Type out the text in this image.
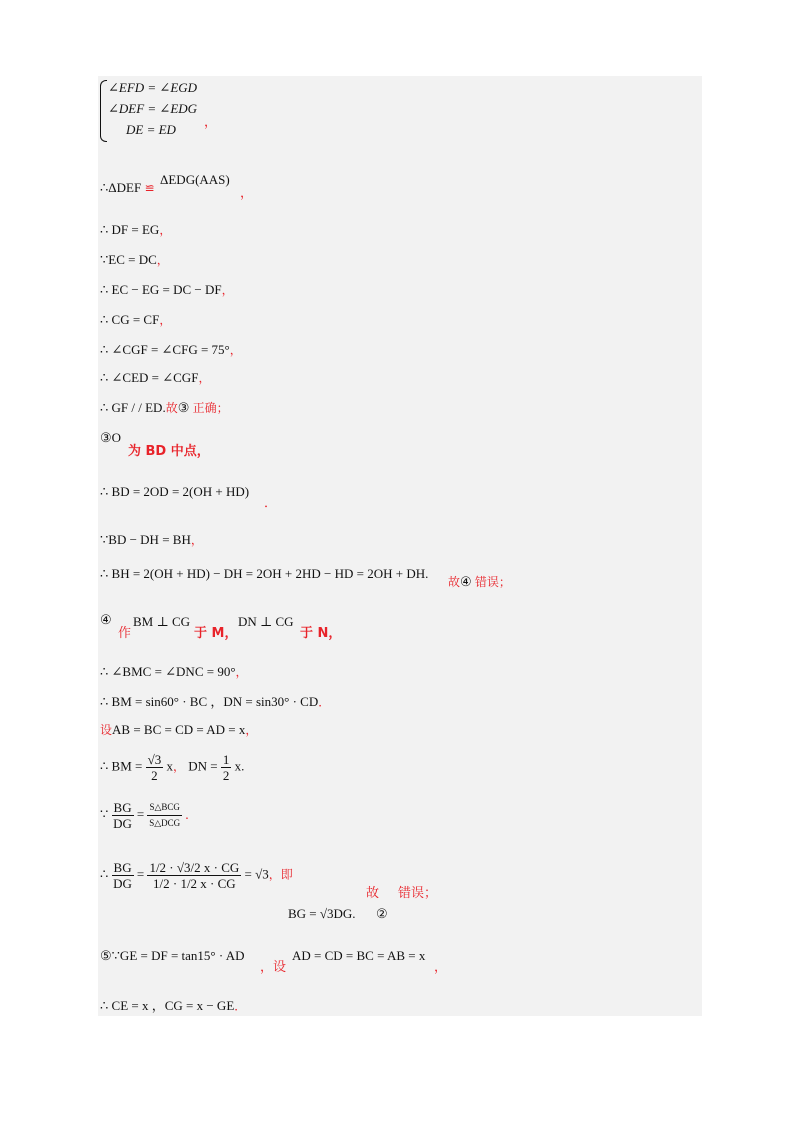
∠EFD = ∠EGD
∠DEF = ∠EDG
DE = ED ，
∴ΔDEF ≌
ΔEDG(AAS)
，
∴ DF = EG，
∵EC = DC，
∴ EC − EG = DC − DF，
∴ CG = CF，
∴ ∠CGF = ∠CFG = 75°，
∴ ∠CED = ∠CGF，
∴ GF / / ED.故③ 正确；
③O
为 BD 中点，
∴ BD = 2OD = 2(OH + HD)
．
∵BD − DH = BH，
∴ BH = 2(OH + HD) − DH = 2OH + 2HD − HD = 2OH + DH.
故④ 错误；
④
作
BM ⊥ CG
于 M，
DN ⊥ CG
于 N，
∴ ∠BMC = ∠DNC = 90°，
∴ BM = sin60° · BC ，DN = sin30° · CD．
设AB = BC = CD = AD = x，
∴ BM = $\frac{√3}{2}$ x， DN = $\frac{1}{2} x$.
∵ $\frac{BG}{DG} = \frac{\text{S△BCG}}{\text{S△DCG}}$ ．
∴ $\frac{BG}{DG} = \frac{1/2 \cdot √3/2 x \cdot CG}{1/2 \cdot 1/2 x \cdot CG} = √3$，即
故 错误；
BG = √3DG. ②
⑤∵GE = DF = tan15° · AD
，设
AD = CD = BC = AB = x
，
∴ CE = x ，CG = x − GE．
